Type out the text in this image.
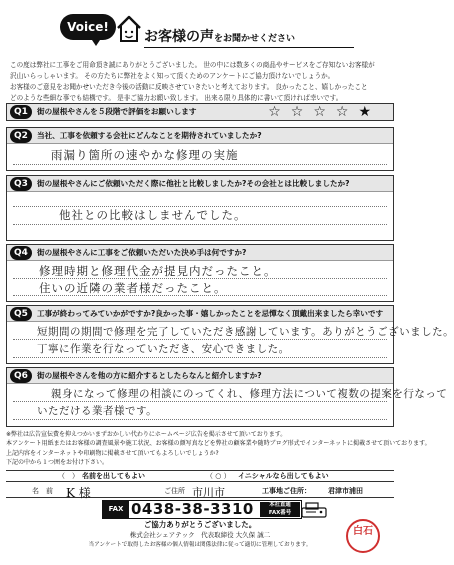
Voice!
お客様の声をお聞かせください

この度は弊社に工事をご用命頂き誠にありがとうございました。 世の中には数多くの商品やサービスをご存知ないお客様が

沢山いらっしゃいます。 その方たちに弊社をよく知って頂くためのアンケートにご協力頂けないでしょうか。

お客様のご意見をお聞かせいただき今後の活動に反映させていきたいと考えております。 良かったこと、嬉しかったこと

どのような些細な事でも結構です。 是非ご協力お願い致します。 出来る限り具体的に書いて頂ければ幸いです。

Q1	街の屋根やさんを５段階で評価をお願いします	☆☆☆☆★
Q2	当社、工事を依頼する会社にどんなことを期待されていましたか?
雨漏り箇所の速やかな修理の実施
Q3	街の屋根やさんにご依頼いただく際に他社と比較しましたか?その会社とは比較しましたか?
他社との比較はしませんでした。
Q4	街の屋根やさんに工事をご依頼いただいた決め手は何ですか?
修理時期と修理代金が提見内だったこと。
住いの近隣の業者様だったこと。
Q5	工事が終わってみていかがですか?良かった事・嬉しかったことを忌憚なく頂戴出来ましたら幸いです
短期間の期間で修理を完了していただき感謝しています。ありがとうございました。
丁寧に作業を行なっていただき、安心できました。
Q6	街の屋根やさんを他の方に紹介するとしたらなんと紹介しますか?
親身になって修理の相談にのってくれ、修理方法について複数の提案を行なって
いただける業者様です。

※弊社は広告宣伝費を抑えつかいまずおかしい代わりにホームページ広告を掲示させて頂いております。

本アンケート用紙またはお客様の調査風景や施工状況、お客様の顔写真などを弊社の顧客業や随時ブログ形式でインターネットに掲載させて頂いております。

上記内容をインターネットや印刷物に掲載させて頂いてもよろしいでしょうか?

下記の中から１つ囲をお付け下さい。

（　） 名前を出してもよい	（ ○ ） イニシャルなら出してもよい
名　前 K 様	ご住所 市川市	工事地ご住所： 君津市浦田
FAX 0438-38-3310	本社直通
FAX番号
ご協力ありがとうございました。
株式会社シェアテック　代表取締役 大久保 誠二
当アンケートで取得したお客様の個人情報は関係法律に従って適切に管理しております。
白石
